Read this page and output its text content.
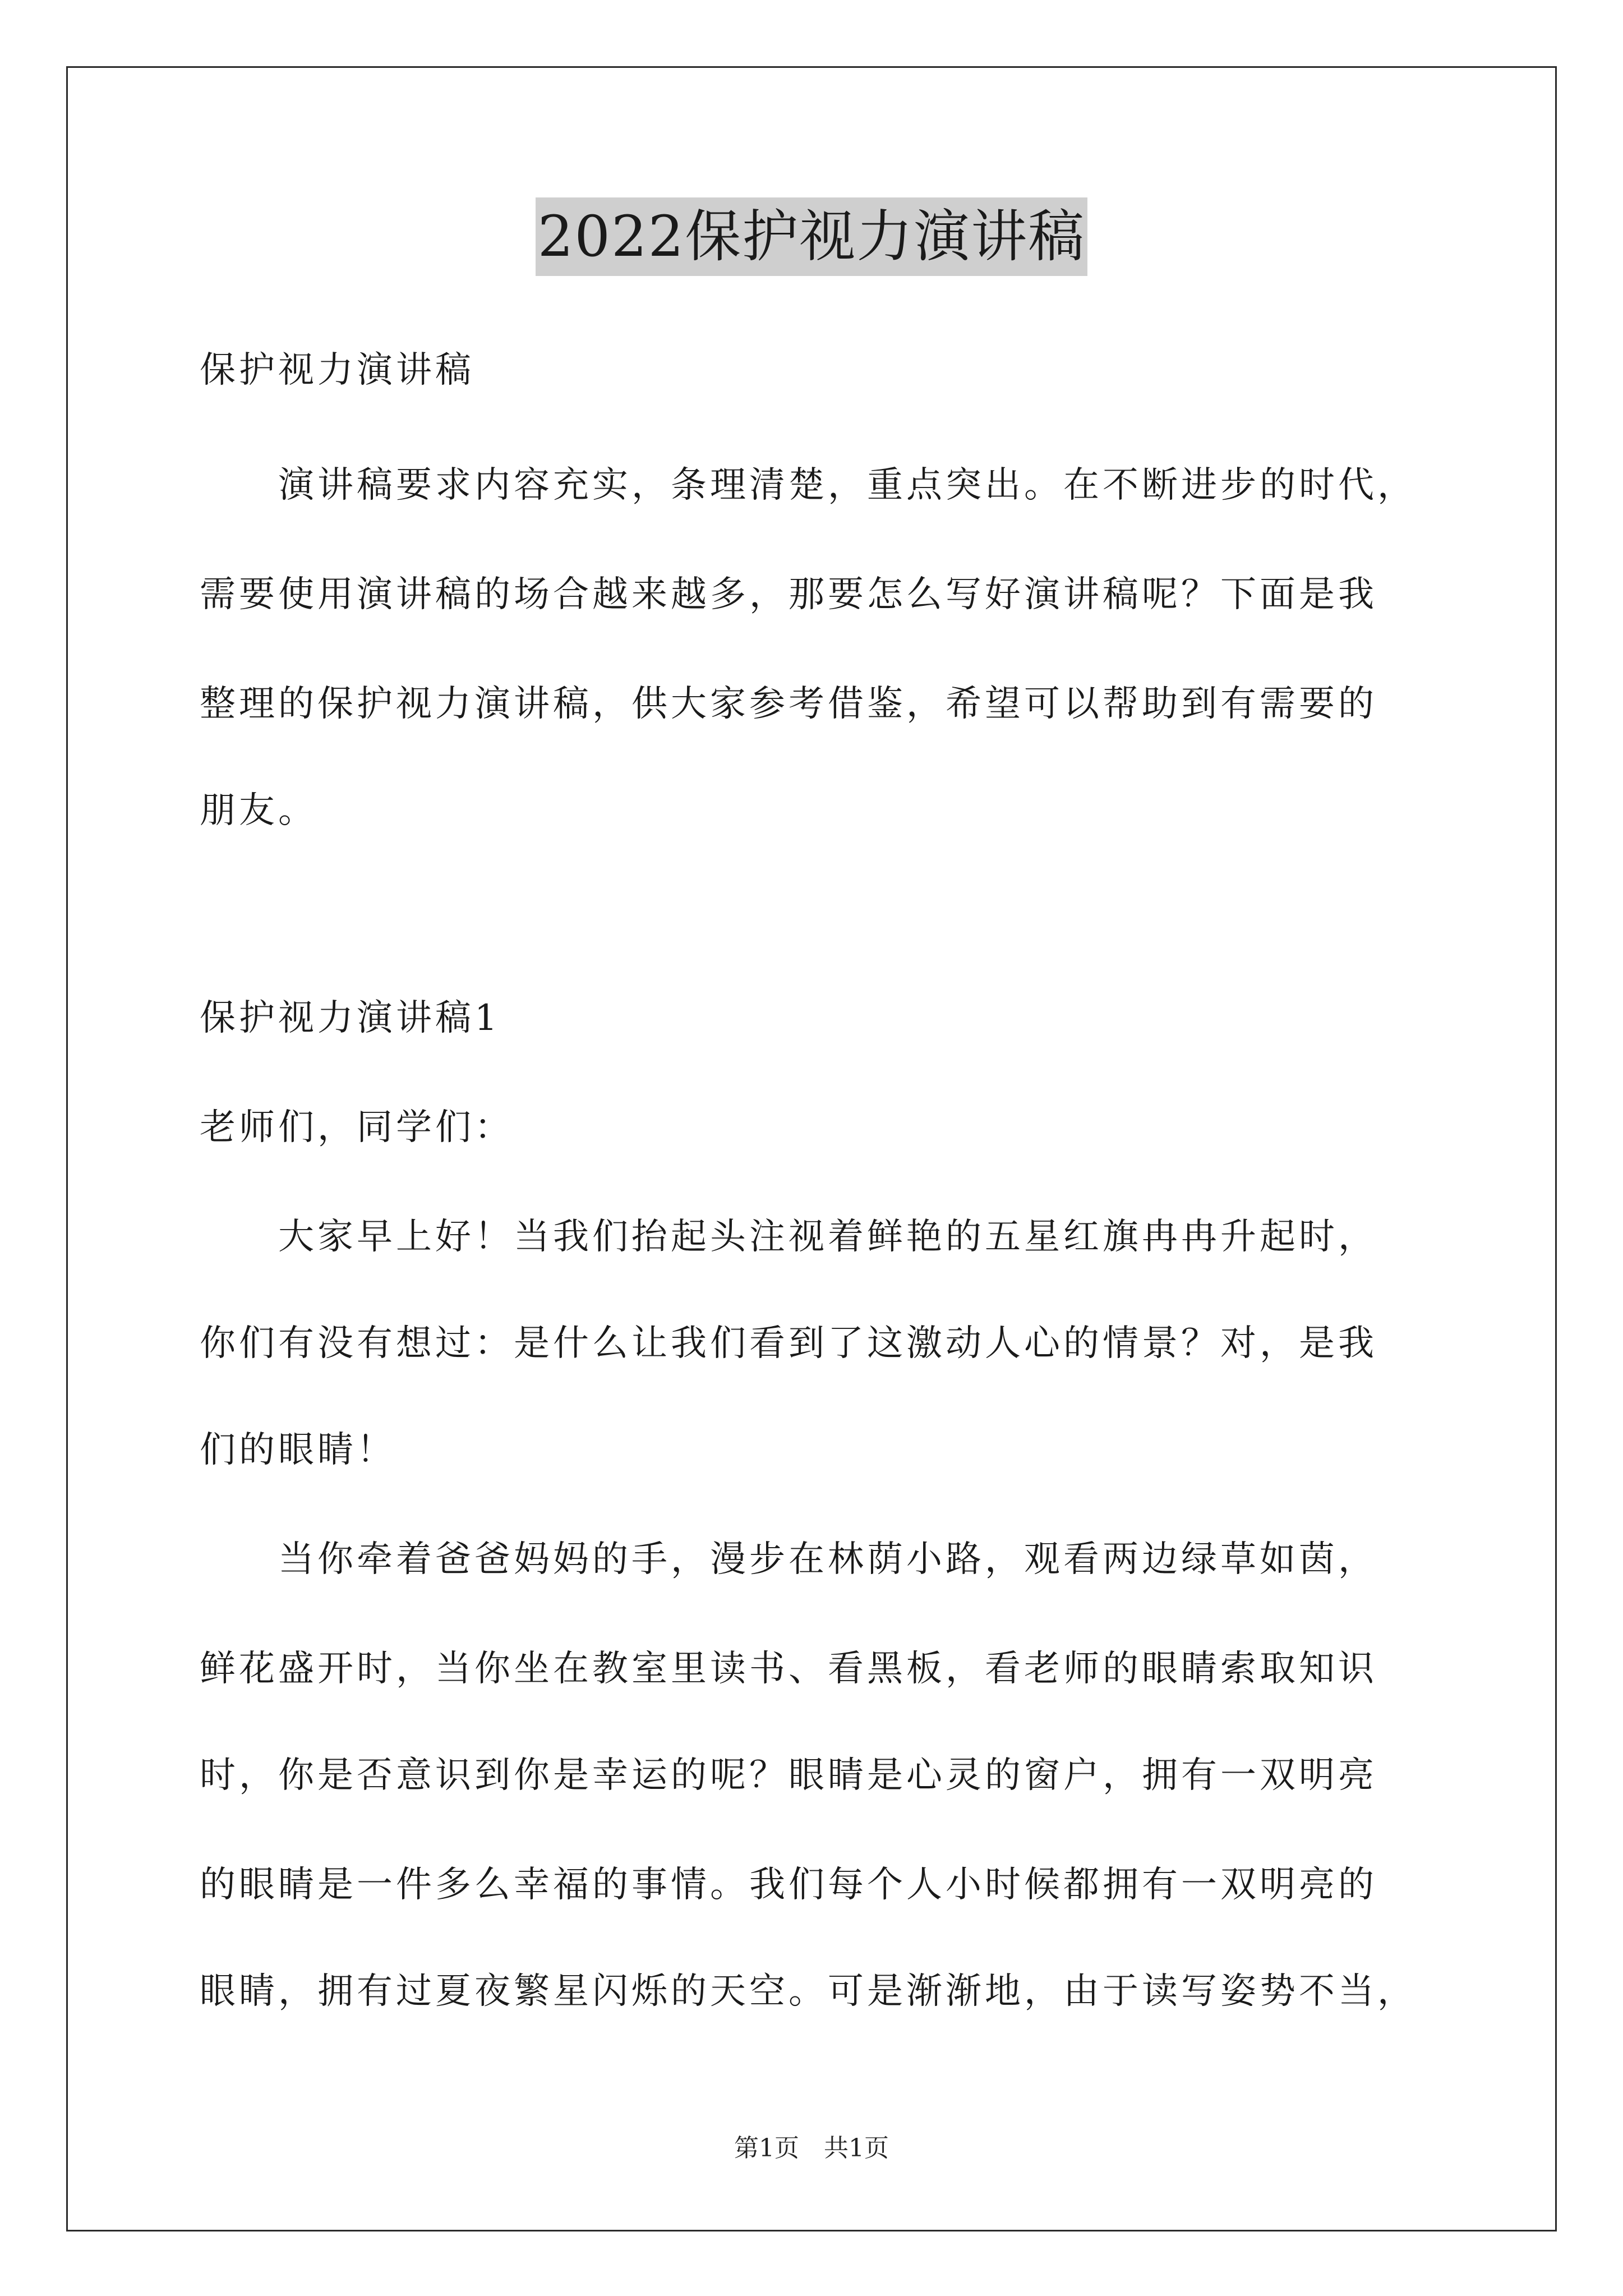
2022保护视力演讲稿
保护视力演讲稿
　　演讲稿要求内容充实，条理清楚，重点突出。在不断进步的时代，
需要使用演讲稿的场合越来越多，那要怎么写好演讲稿呢？下面是我
整理的保护视力演讲稿，供大家参考借鉴，希望可以帮助到有需要的
朋友。
保护视力演讲稿1
老师们，同学们：
　　大家早上好！当我们抬起头注视着鲜艳的五星红旗冉冉升起时，
你们有没有想过：是什么让我们看到了这激动人心的情景？对，是我
们的眼睛！
　　当你牵着爸爸妈妈的手，漫步在林荫小路，观看两边绿草如茵，
鲜花盛开时，当你坐在教室里读书、看黑板，看老师的眼睛索取知识
时，你是否意识到你是幸运的呢？眼睛是心灵的窗户，拥有一双明亮
的眼睛是一件多么幸福的事情。我们每个人小时候都拥有一双明亮的
眼睛，拥有过夏夜繁星闪烁的天空。可是渐渐地，由于读写姿势不当，
第1页　共1页
